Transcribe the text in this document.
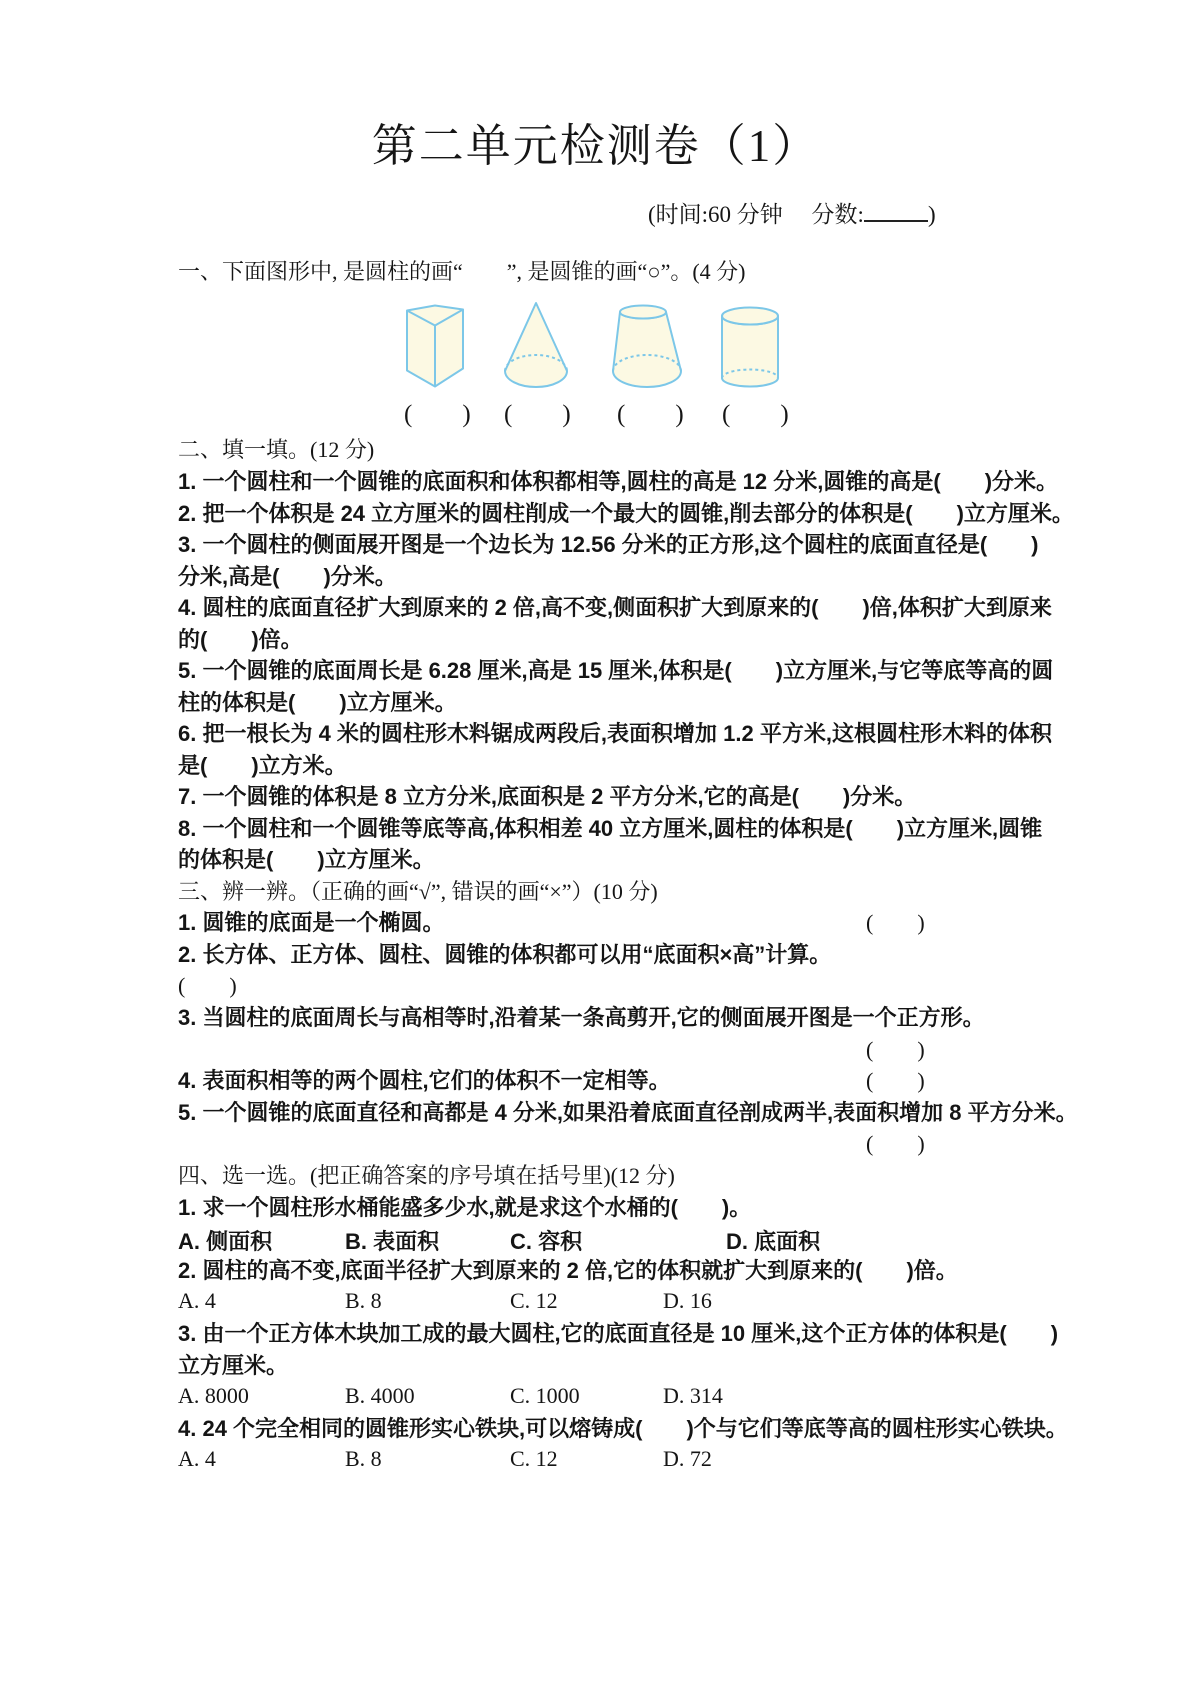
第二单元检测卷（1）
(时间:60 分钟　 分数:	)
一、下面图形中, 是圆柱的画“　　”, 是圆锥的画“○”。(4 分)
(　　) (　　) (　　) (　　)
二、填一填。(12 分)
1. 一个圆柱和一个圆锥的底面积和体积都相等,圆柱的高是 12 分米,圆锥的高是(　　)分米。
2. 把一个体积是 24 立方厘米的圆柱削成一个最大的圆锥,削去部分的体积是(　　)立方厘米。
3. 一个圆柱的侧面展开图是一个边长为 12.56 分米的正方形,这个圆柱的底面直径是(　　)
分米,高是(　　)分米。
4. 圆柱的底面直径扩大到原来的 2 倍,高不变,侧面积扩大到原来的(　　)倍,体积扩大到原来
的(　　)倍。
5. 一个圆锥的底面周长是 6.28 厘米,高是 15 厘米,体积是(　　)立方厘米,与它等底等高的圆
柱的体积是(　　)立方厘米。
6. 把一根长为 4 米的圆柱形木料锯成两段后,表面积增加 1.2 平方米,这根圆柱形木料的体积
是(　　)立方米。
7. 一个圆锥的体积是 8 立方分米,底面积是 2 平方分米,它的高是(　　)分米。
8. 一个圆柱和一个圆锥等底等高,体积相差 40 立方厘米,圆柱的体积是(　　)立方厘米,圆锥
的体积是(　　)立方厘米。
三、辨一辨。（正确的画“√”, 错误的画“×”）(10 分)
1. 圆锥的底面是一个椭圆。	(　　)
2. 长方体、正方体、圆柱、圆锥的体积都可以用“底面积×高”计算。
(　　)
3. 当圆柱的底面周长与高相等时,沿着某一条高剪开,它的侧面展开图是一个正方形。
(　　)
4. 表面积相等的两个圆柱,它们的体积不一定相等。	(　　)
5. 一个圆锥的底面直径和高都是 4 分米,如果沿着底面直径剖成两半,表面积增加 8 平方分米。
(　　)
四、选一选。(把正确答案的序号填在括号里)(12 分)
1. 求一个圆柱形水桶能盛多少水,就是求这个水桶的(　　)。
A. 侧面积	B. 表面积	C. 容积	D. 底面积
2. 圆柱的高不变,底面半径扩大到原来的 2 倍,它的体积就扩大到原来的(　　)倍。
A. 4	B. 8	C. 12	D. 16
3. 由一个正方体木块加工成的最大圆柱,它的底面直径是 10 厘米,这个正方体的体积是(　　)
立方厘米。
A. 8000	B. 4000	C. 1000	D. 314
4. 24 个完全相同的圆锥形实心铁块,可以熔铸成(　　)个与它们等底等高的圆柱形实心铁块。
A. 4	B. 8	C. 12	D. 72
